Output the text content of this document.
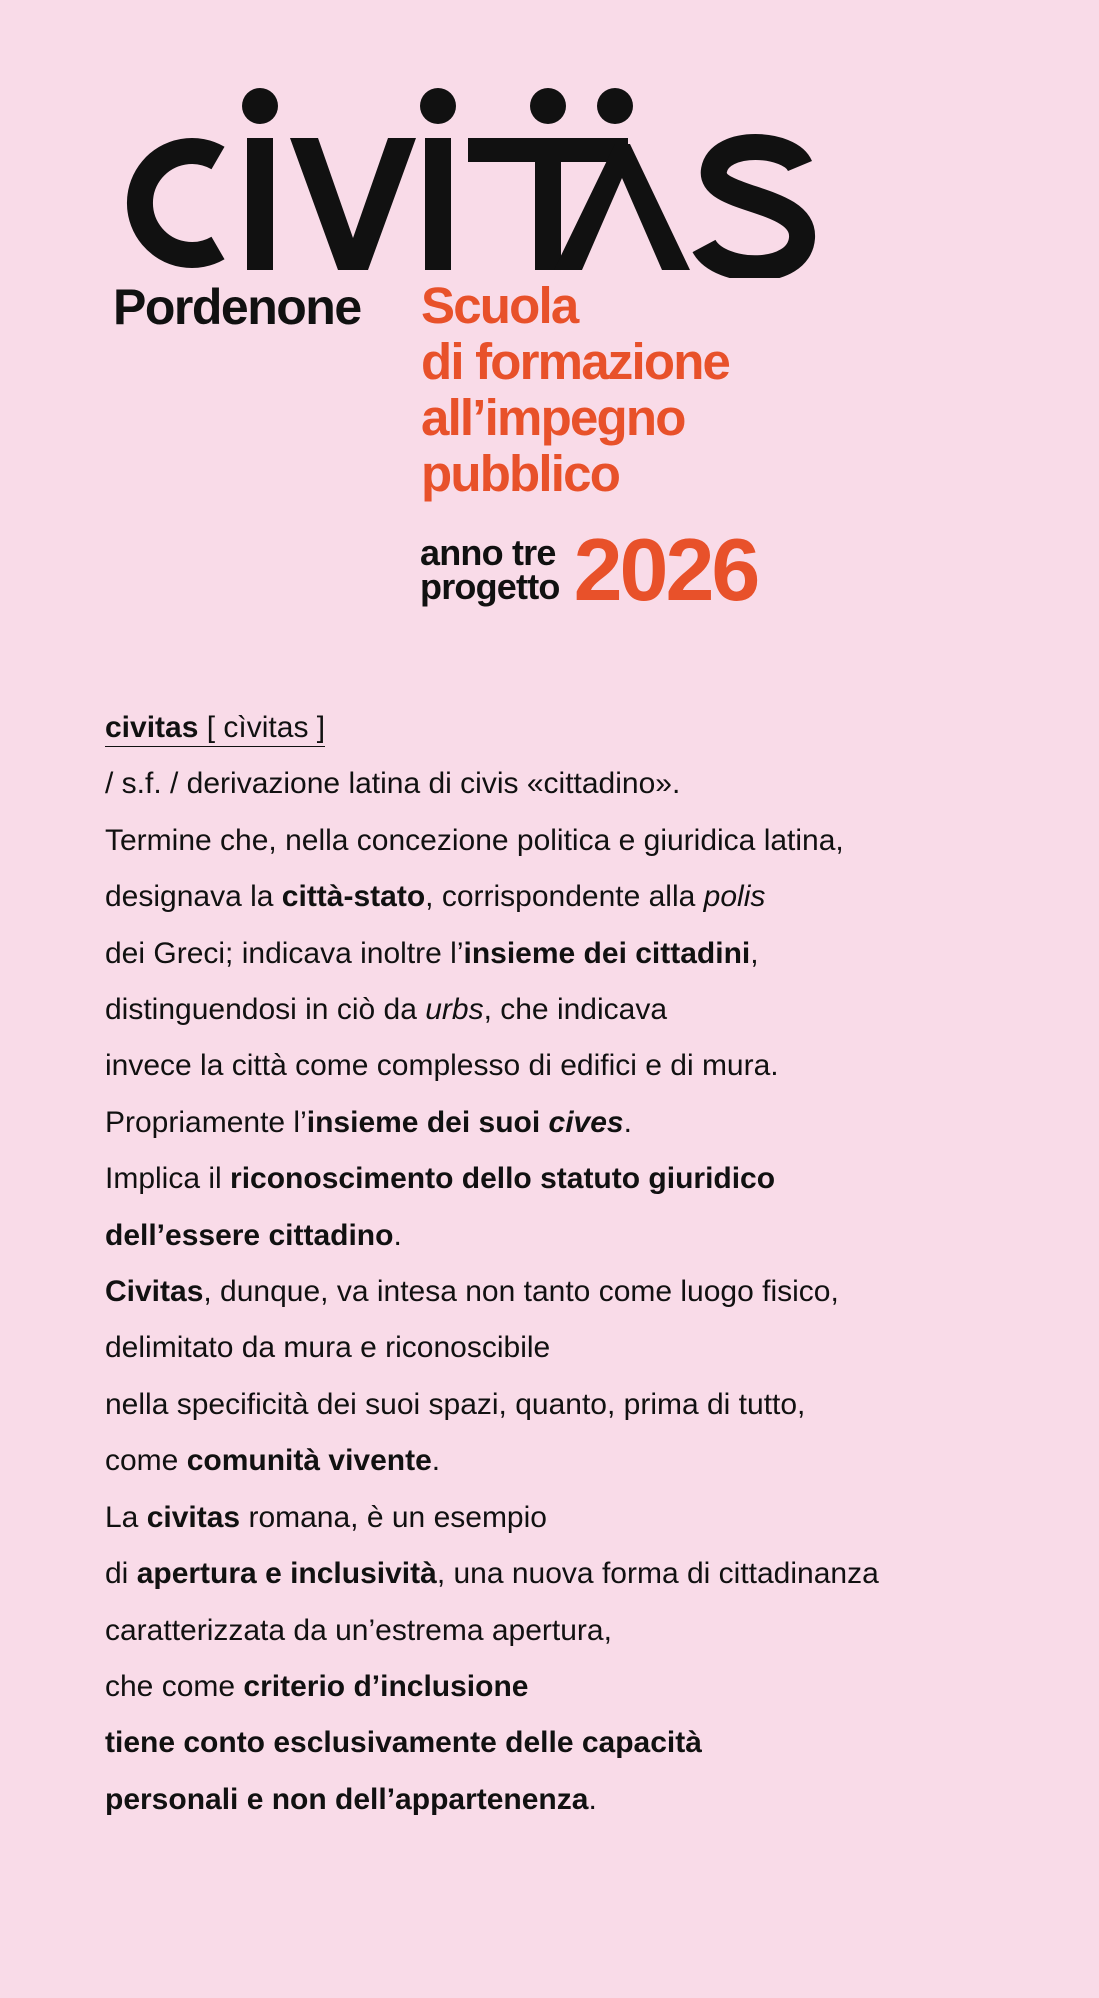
Pordenone Scuola
di formazione
all’impegno
pubblico
anno tre
progetto 2026

civitas [ cìvitas ]

/ s.f. / derivazione latina di civis «cittadino».

Termine che, nella concezione politica e giuridica latina,

designava la città-stato, corrispondente alla polis

dei Greci; indicava inoltre l’insieme dei cittadini,

distinguendosi in ciò da urbs, che indicava

invece la città come complesso di edifici e di mura.

Propriamente l’insieme dei suoi cives.

Implica il riconoscimento dello statuto giuridico

dell’essere cittadino.

Civitas, dunque, va intesa non tanto come luogo fisico,

delimitato da mura e riconoscibile

nella specificità dei suoi spazi, quanto, prima di tutto,

come comunità vivente.

La civitas romana, è un esempio

di apertura e inclusività, una nuova forma di cittadinanza

caratterizzata da un’estrema apertura,

che come criterio d’inclusione

tiene conto esclusivamente delle capacità

personali e non dell’appartenenza.
